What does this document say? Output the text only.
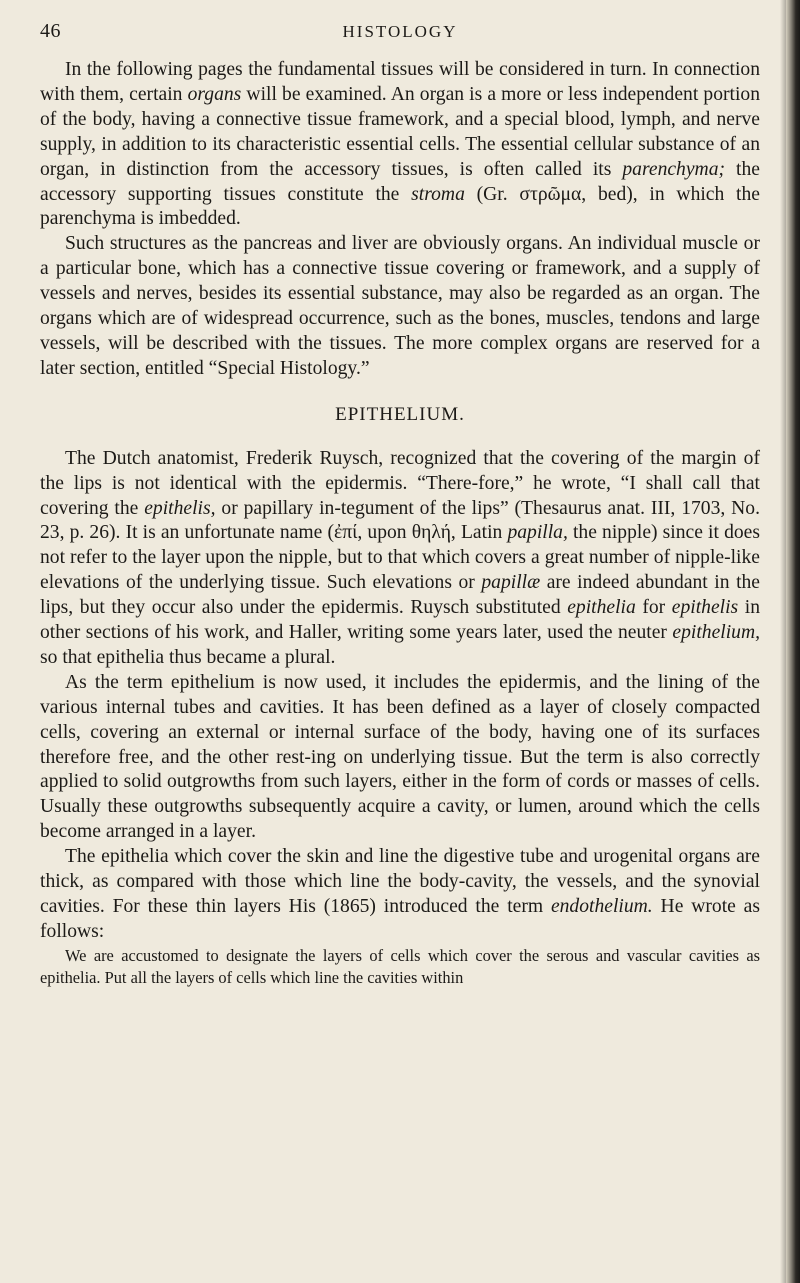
46	HISTOLOGY

In the following pages the fundamental tissues will be considered in turn. In connection with them, certain organs will be examined. An organ is a more or less independent portion of the body, having a connective tissue framework, and a special blood, lymph, and nerve supply, in addition to its characteristic essential cells. The essential cellular substance of an organ, in distinction from the accessory tissues, is often called its parenchyma; the accessory supporting tissues constitute the stroma (Gr. στρῶμα, bed), in which the parenchyma is imbedded.

Such structures as the pancreas and liver are obviously organs. An individual muscle or a particular bone, which has a connective tissue covering or framework, and a supply of vessels and nerves, besides its essential substance, may also be regarded as an organ. The organs which are of widespread occurrence, such as the bones, muscles, tendons and large vessels, will be described with the tissues. The more complex organs are reserved for a later section, entitled “Special Histology.”

EPITHELIUM.

The Dutch anatomist, Frederik Ruysch, recognized that the covering of the margin of the lips is not identical with the epidermis. “There-fore,” he wrote, “I shall call that covering the epithelis, or papillary in-tegument of the lips” (Thesaurus anat. III, 1703, No. 23, p. 26). It is an unfortunate name (ἐπί, upon θηλή, Latin papilla, the nipple) since it does not refer to the layer upon the nipple, but to that which covers a great number of nipple-like elevations of the underlying tissue. Such elevations or papillæ are indeed abundant in the lips, but they occur also under the epidermis. Ruysch substituted epithelia for epithelis in other sections of his work, and Haller, writing some years later, used the neuter epithelium, so that epithelia thus became a plural.

As the term epithelium is now used, it includes the epidermis, and the lining of the various internal tubes and cavities. It has been defined as a layer of closely compacted cells, covering an external or internal surface of the body, having one of its surfaces therefore free, and the other rest-ing on underlying tissue. But the term is also correctly applied to solid outgrowths from such layers, either in the form of cords or masses of cells. Usually these outgrowths subsequently acquire a cavity, or lumen, around which the cells become arranged in a layer.

The epithelia which cover the skin and line the digestive tube and urogenital organs are thick, as compared with those which line the body-cavity, the vessels, and the synovial cavities. For these thin layers His (1865) introduced the term endothelium. He wrote as follows:

We are accustomed to designate the layers of cells which cover the serous and vascular cavities as epithelia. Put all the layers of cells which line the cavities within
